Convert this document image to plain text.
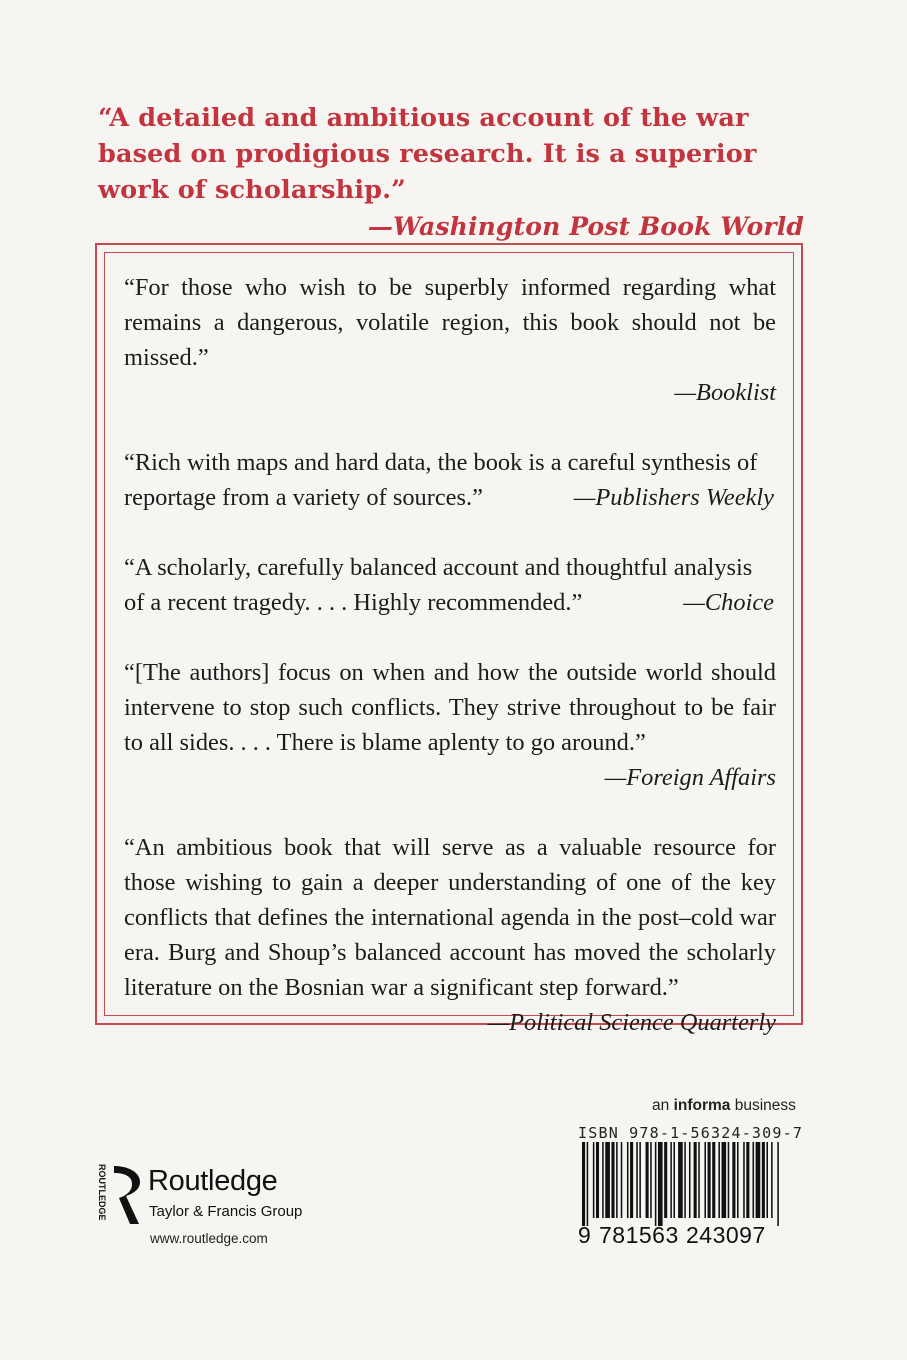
“A detailed and ambitious account of the war based on prodigious research. It is a superior work of scholarship.”
—Washington Post Book World
“For those who wish to be superbly informed regarding what remains a dangerous, volatile region, this book should not be missed.”
—Booklist
“Rich with maps and hard data, the book is a careful synthesis of
reportage from a variety of sources.”	—Publishers Weekly
“A scholarly, carefully balanced account and thoughtful analysis
of a recent tragedy. . . . Highly recommended.”	—Choice
“[The authors] focus on when and how the outside world should intervene to stop such conflicts. They strive throughout to be fair to all sides. . . . There is blame aplenty to go around.”
—Foreign Affairs
“An ambitious book that will serve as a valuable resource for those wishing to gain a deeper understanding of one of the key conflicts that defines the international agenda in the post–cold war era. Burg and Shoup’s balanced account has moved the scholarly literature on the Bosnian war a significant step forward.”
—Political Science Quarterly
an informa business
ISBN 978-1-56324-309-7
9 781563 243097
ROUTLEDGE Routledge
Taylor & Francis Group
www.routledge.com
